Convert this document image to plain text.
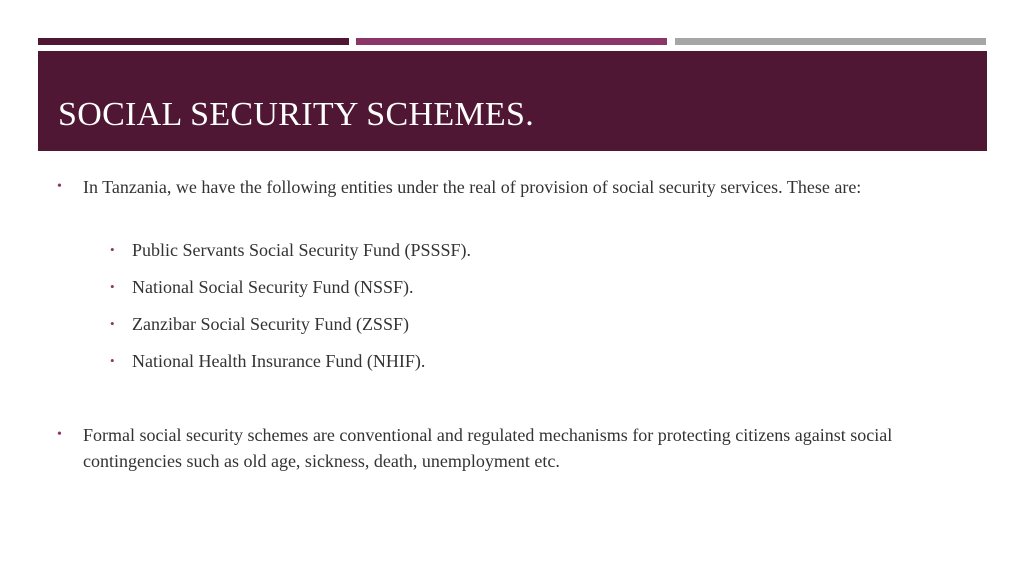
SOCIAL SECURITY SCHEMES.
• In Tanzania, we have the following entities under the real of provision of social security services. These are:
• Public Servants Social Security Fund (PSSSF).
• National Social Security Fund (NSSF).
• Zanzibar Social Security Fund (ZSSF)
• National Health Insurance Fund (NHIF).
• Formal social security schemes are conventional and regulated mechanisms for protecting citizens against social contingencies such as old age, sickness, death, unemployment etc.
